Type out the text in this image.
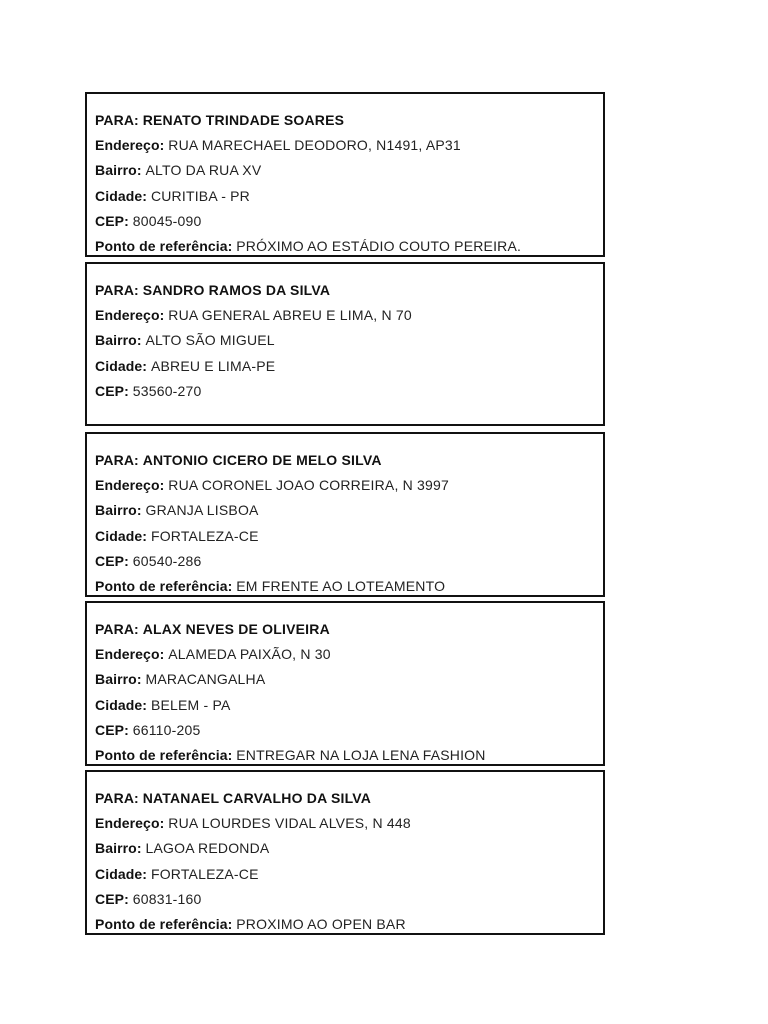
PARA: RENATO TRINDADE SOARES
Endereço: RUA MARECHAEL DEODORO, N1491, AP31
Bairro: ALTO DA RUA XV
Cidade: CURITIBA - PR
CEP: 80045-090
Ponto de referência: PRÓXIMO AO ESTÁDIO COUTO PEREIRA.
PARA: SANDRO RAMOS DA SILVA
Endereço: RUA GENERAL ABREU E LIMA, N 70
Bairro: ALTO SÃO MIGUEL
Cidade: ABREU E LIMA-PE
CEP: 53560-270
PARA: ANTONIO CICERO DE MELO SILVA
Endereço: RUA CORONEL JOAO CORREIRA, N 3997
Bairro: GRANJA LISBOA
Cidade: FORTALEZA-CE
CEP: 60540-286
Ponto de referência: EM FRENTE AO LOTEAMENTO
PARA: ALAX NEVES DE OLIVEIRA
Endereço: ALAMEDA PAIXÃO, N 30
Bairro: MARACANGALHA
Cidade: BELEM - PA
CEP: 66110-205
Ponto de referência: ENTREGAR NA LOJA LENA FASHION
PARA: NATANAEL CARVALHO DA SILVA
Endereço: RUA LOURDES VIDAL ALVES, N 448
Bairro: LAGOA REDONDA
Cidade: FORTALEZA-CE
CEP: 60831-160
Ponto de referência: PROXIMO AO OPEN BAR
